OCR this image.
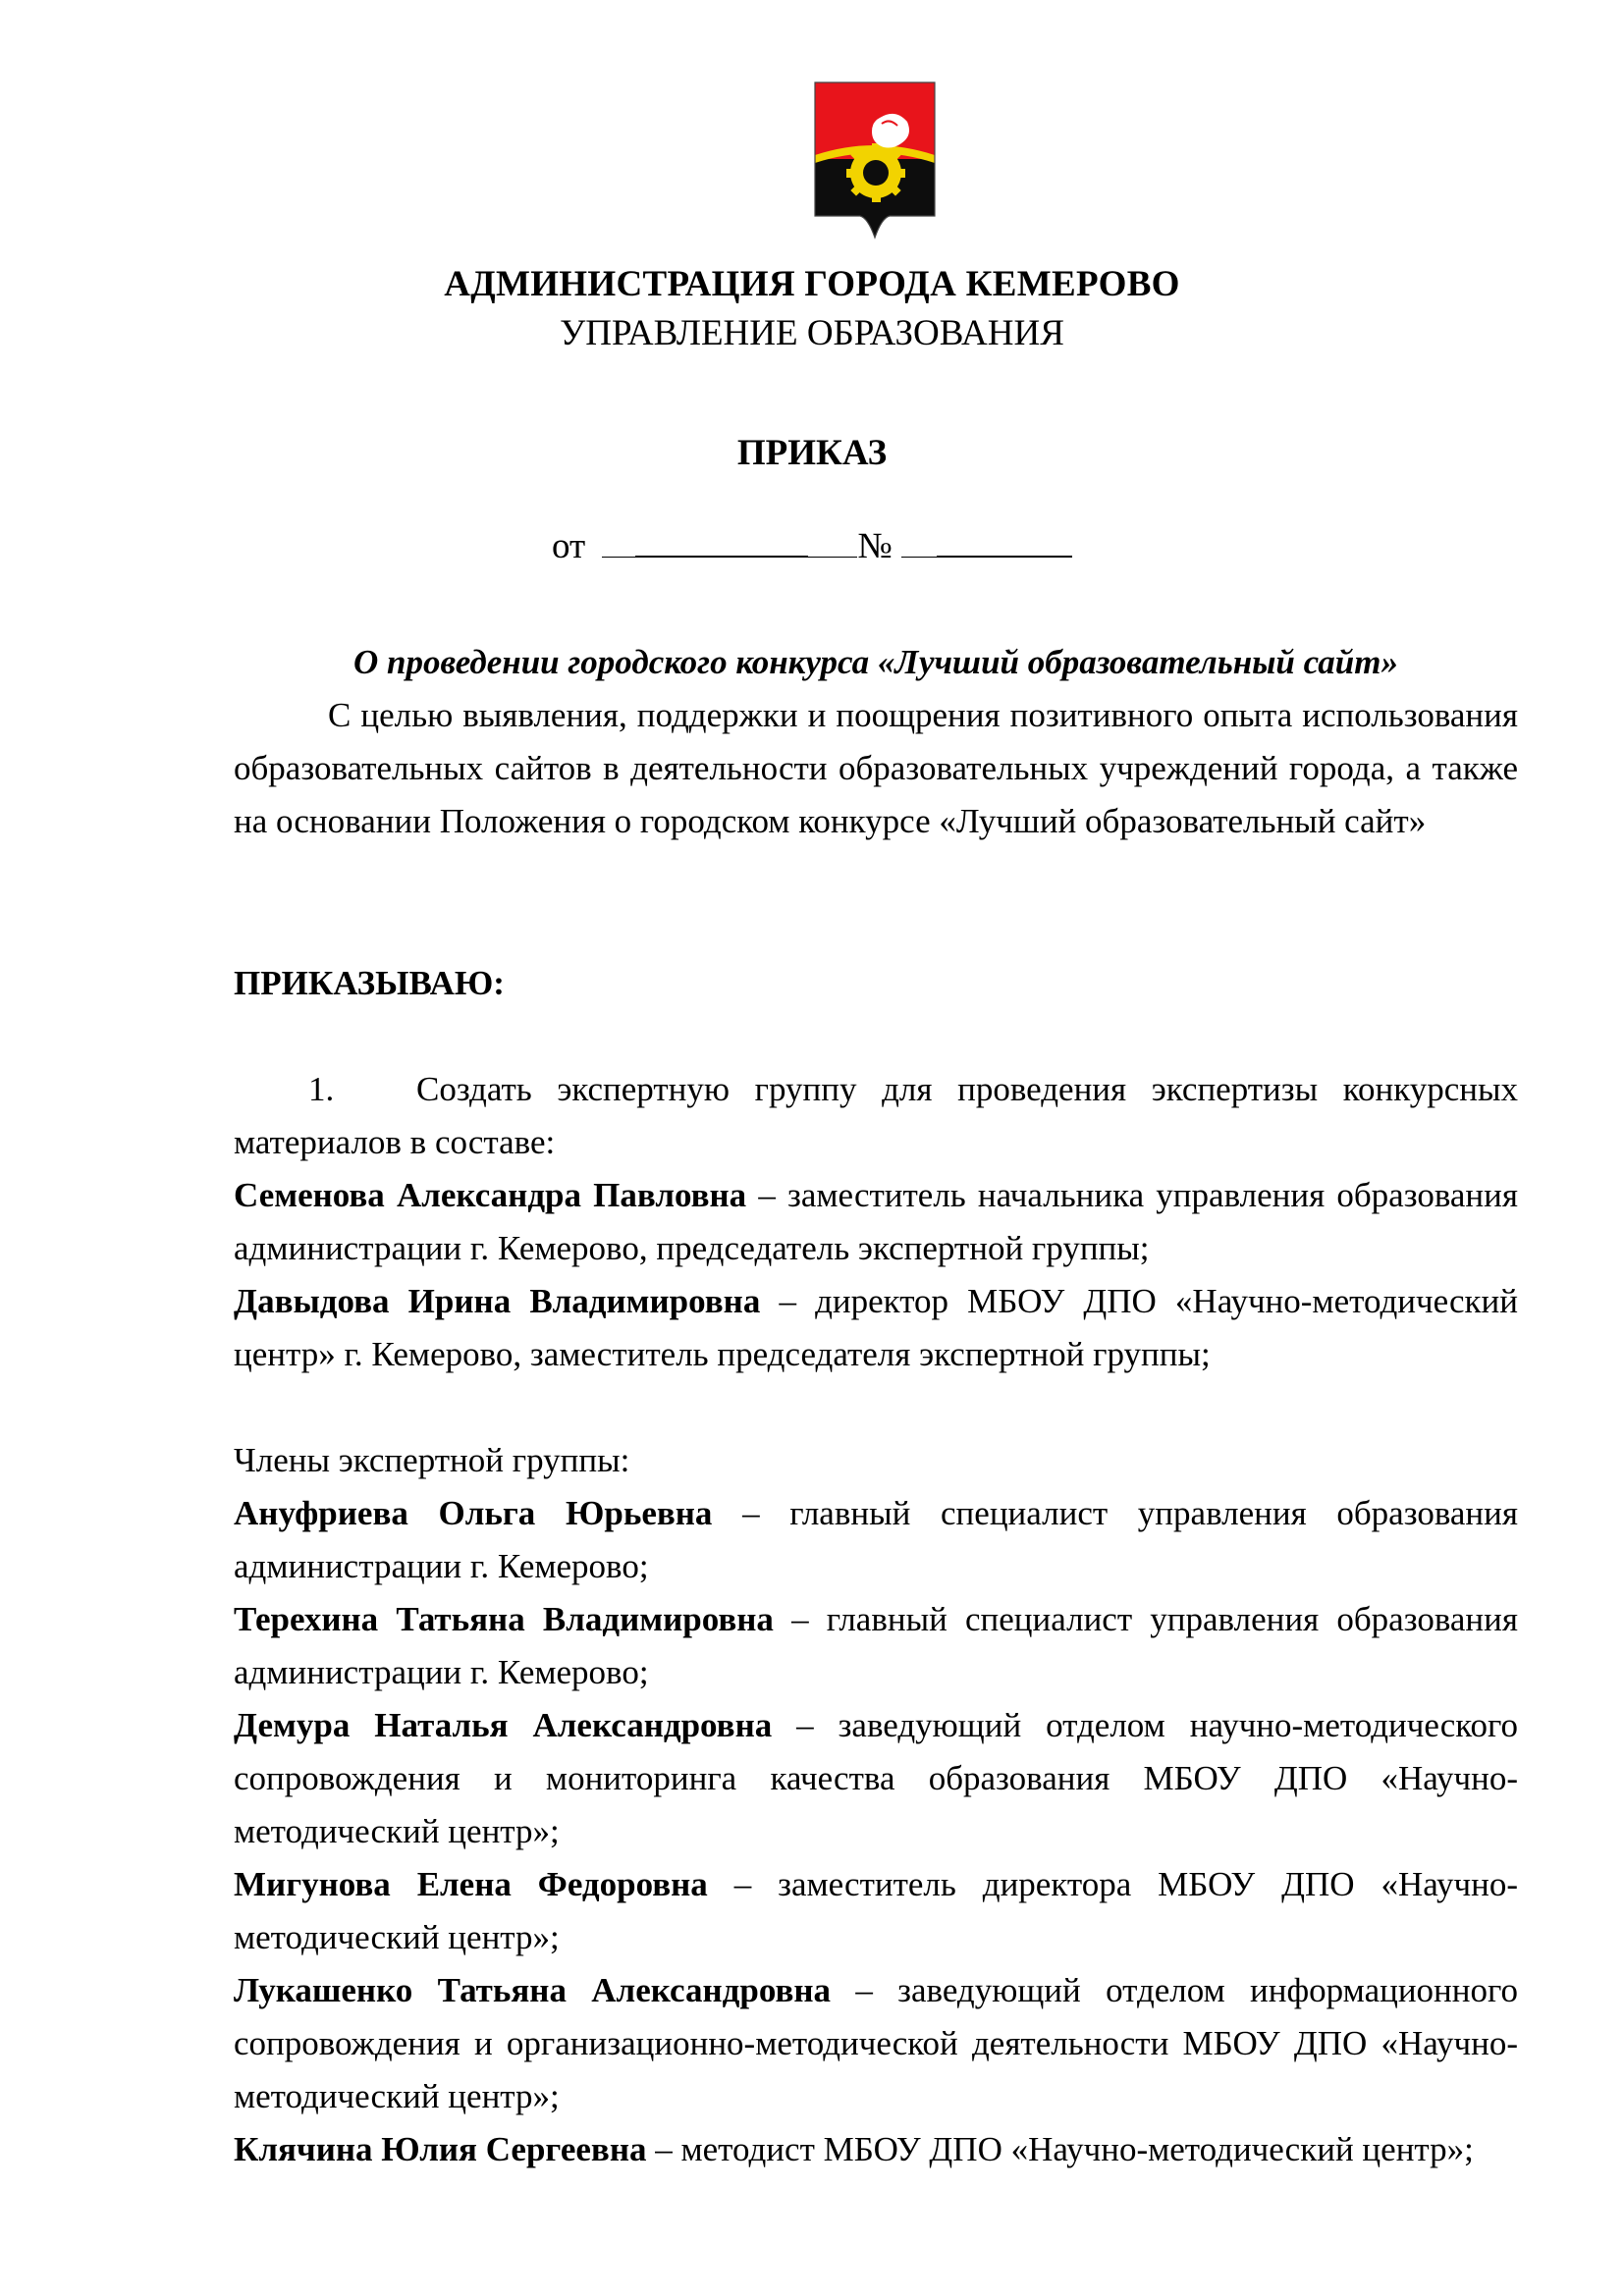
АДМИНИСТРАЦИЯ ГОРОДА КЕМЕРОВО
УПРАВЛЕНИЕ ОБРАЗОВАНИЯ
ПРИКАЗ
от	№
О проведении городского конкурса «Лучший образовательный сайт»
С целью выявления, поддержки и поощрения позитивного опыта использования образовательных сайтов в деятельности образовательных учреждений города, а также на основании Положения о городском конкурсе «Лучший образовательный сайт»
ПРИКАЗЫВАЮ:

1. Создать экспертную группу для проведения экспертизы конкурсных материалов в составе:

Семенова Александра Павловна – заместитель начальника управления образования администрации г. Кемерово, председатель экспертной группы;

Давыдова Ирина Владимировна – директор МБОУ ДПО «Научно-методический центр» г. Кемерово, заместитель председателя экспертной группы;

Члены экспертной группы:

Ануфриева Ольга Юрьевна – главный специалист управления образования администрации г. Кемерово;

Терехина Татьяна Владимировна – главный специалист управления образования администрации г. Кемерово;

Демура Наталья Александровна – заведующий отделом научно-методического сопровождения и мониторинга качества образования МБОУ ДПО «Научно-методический центр»;

Мигунова Елена Федоровна – заместитель директора МБОУ ДПО «Научно-методический центр»;

Лукашенко Татьяна Александровна – заведующий отделом информационного сопровождения и организационно-методической деятельности МБОУ ДПО «Научно-методический центр»;

Клячина Юлия Сергеевна – методист МБОУ ДПО «Научно-методический центр»;
